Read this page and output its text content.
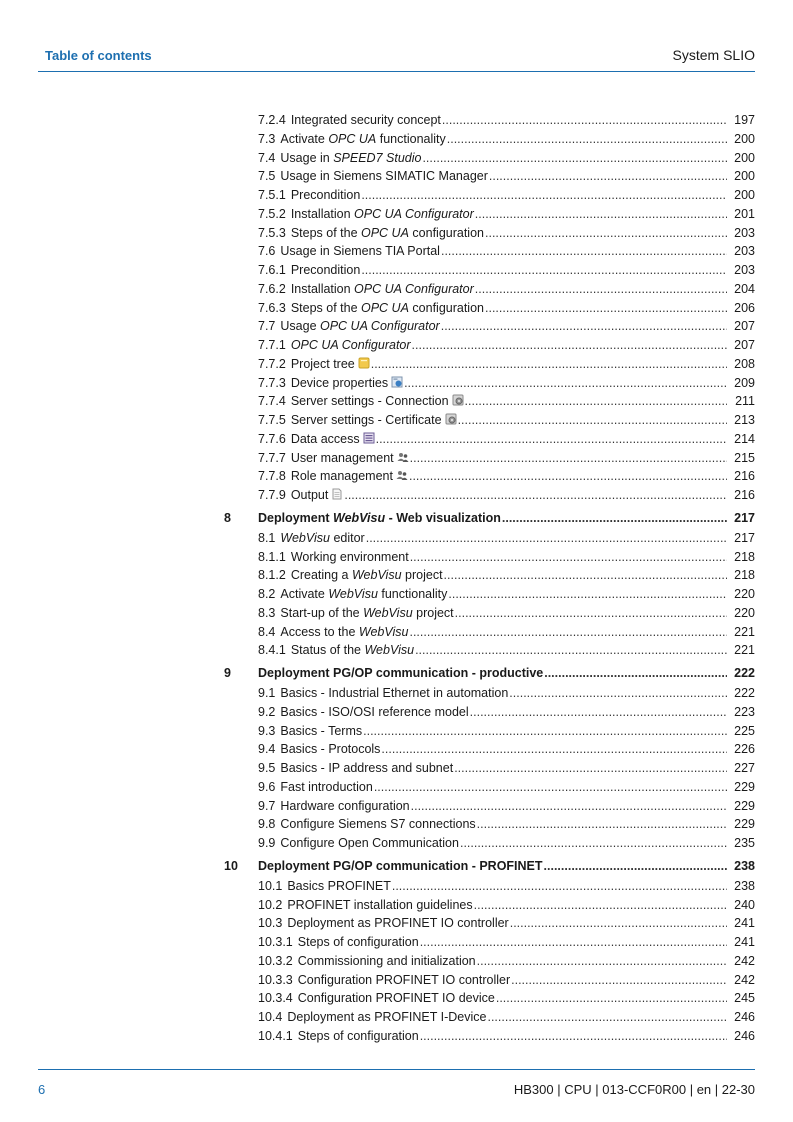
Table of contents	System SLIO
7.2.4 Integrated security concept .....	197
7.3 Activate OPC UA functionality .....	200
7.4 Usage in SPEED7 Studio .....	200
7.5 Usage in Siemens SIMATIC Manager .....	200
7.5.1 Precondition .....	200
7.5.2 Installation OPC UA Configurator .....	201
7.5.3 Steps of the OPC UA configuration .....	203
7.6 Usage in Siemens TIA Portal .....	203
7.6.1 Precondition .....	203
7.6.2 Installation OPC UA Configurator .....	204
7.6.3 Steps of the OPC UA configuration .....	206
7.7 Usage OPC UA Configurator .....	207
7.7.1 OPC UA Configurator .....	207
7.7.2 Project tree .....	208
7.7.3 Device properties .....	209
7.7.4 Server settings - Connection .....	211
7.7.5 Server settings - Certificate .....	213
7.7.6 Data access .....	214
7.7.7 User management .....	215
7.7.8 Role management .....	216
7.7.9 Output .....	216
8	Deployment WebVisu - Web visualization .....	217
8.1 WebVisu editor .....	217
8.1.1 Working environment .....	218
8.1.2 Creating a WebVisu project .....	218
8.2 Activate WebVisu functionality .....	220
8.3 Start-up of the WebVisu project .....	220
8.4 Access to the WebVisu .....	221
8.4.1 Status of the WebVisu .....	221
9	Deployment PG/OP communication - productive .....	222
9.1 Basics - Industrial Ethernet in automation .....	222
9.2 Basics - ISO/OSI reference model .....	223
9.3 Basics - Terms .....	225
9.4 Basics - Protocols .....	226
9.5 Basics - IP address and subnet .....	227
9.6 Fast introduction .....	229
9.7 Hardware configuration .....	229
9.8 Configure Siemens S7 connections .....	229
9.9 Configure Open Communication .....	235
10	Deployment PG/OP communication - PROFINET .....	238
10.1 Basics PROFINET .....	238
10.2 PROFINET installation guidelines .....	240
10.3 Deployment as PROFINET IO controller .....	241
10.3.1 Steps of configuration .....	241
10.3.2 Commissioning and initialization .....	242
10.3.3 Configuration PROFINET IO controller .....	242
10.3.4 Configuration PROFINET IO device .....	245
10.4 Deployment as PROFINET I-Device .....	246
10.4.1 Steps of configuration .....	246
6	HB300 | CPU | 013-CCF0R00 | en | 22-30
